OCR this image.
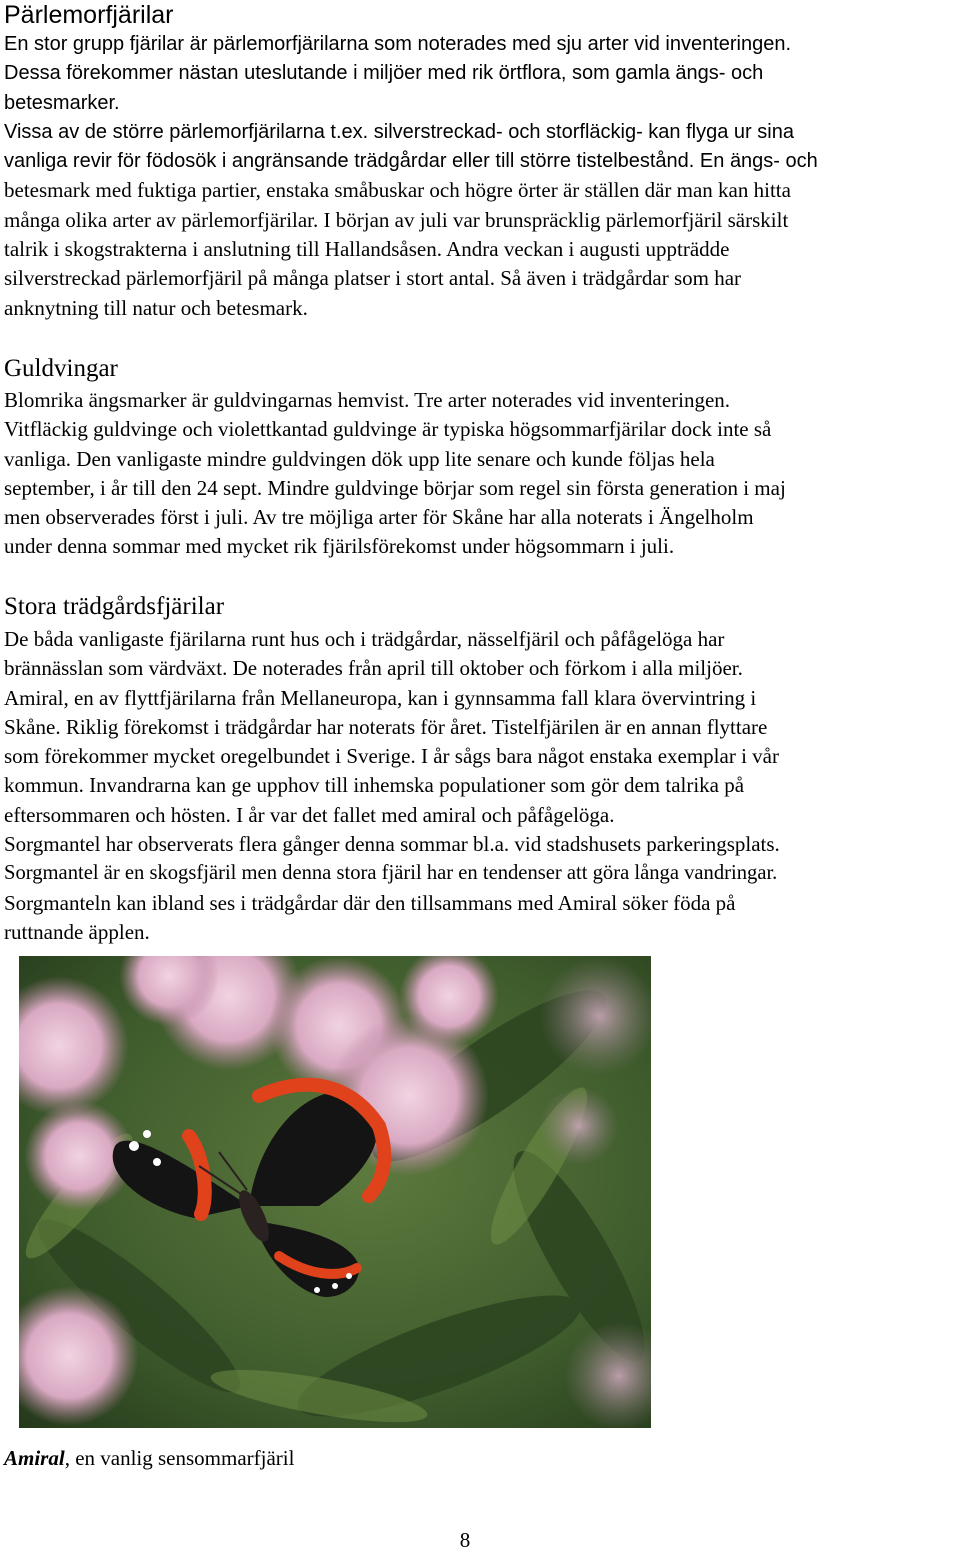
Pärlemorfjärilar

En stor grupp fjärilar är pärlemorfjärilarna som noterades med sju arter vid inventeringen.
Dessa förekommer nästan uteslutande i miljöer med rik örtflora, som gamla ängs- och
betesmarker.
Vissa av de större pärlemorfjärilarna t.ex. silverstreckad- och storfläckig- kan flyga ur sina
vanliga revir för födosök i angränsande trädgårdar eller till större tistelbestånd. En ängs- och
betesmark med fuktiga partier, enstaka småbuskar och högre örter är ställen där man kan hitta
många olika arter av pärlemorfjärilar. I början av juli var brunspräcklig pärlemorfjäril särskilt
talrik i skogstrakterna i anslutning till Hallandsåsen. Andra veckan i augusti uppträdde
silverstreckad pärlemorfjäril på många platser i stort antal. Så även i trädgårdar som har
anknytning till natur och betesmark.

Guldvingar

Blomrika ängsmarker är guldvingarnas hemvist. Tre arter noterades vid inventeringen.
Vitfläckig guldvinge och violettkantad guldvinge är typiska högsommarfjärilar dock inte så
vanliga. Den vanligaste mindre guldvingen dök upp lite senare och kunde följas hela
september, i år till den 24 sept. Mindre guldvinge börjar som regel sin första generation i maj
men observerades först i juli. Av tre möjliga arter för Skåne har alla noterats i Ängelholm
under denna sommar med mycket rik fjärilsförekomst under högsommarn i juli.

Stora trädgårdsfjärilar

De båda vanligaste fjärilarna runt hus och i trädgårdar, nässelfjäril och påfågelöga har
brännässlan som värdväxt. De noterades från april till oktober och förkom i alla miljöer.
Amiral, en av flyttfjärilarna från Mellaneuropa, kan i gynnsamma fall klara övervintring i
Skåne. Riklig förekomst i trädgårdar har noterats för året. Tistelfjärilen är en annan flyttare
som förekommer mycket oregelbundet i Sverige. I år sågs bara något enstaka exemplar i vår
kommun. Invandrarna kan ge upphov till inhemska populationer som gör dem talrika på
eftersommaren och hösten. I år var det fallet med amiral och påfågelöga.
Sorgmantel har observerats flera gånger denna sommar bl.a. vid stadshusets parkeringsplats.
Sorgmantel är en skogsfjäril men denna stora fjäril har en tendenser att göra långa vandringar.
Sorgmanteln kan ibland ses i trädgårdar där den tillsammans med Amiral söker föda på
ruttnande äpplen.

Amiral, en vanlig sensommarfjäril
8
